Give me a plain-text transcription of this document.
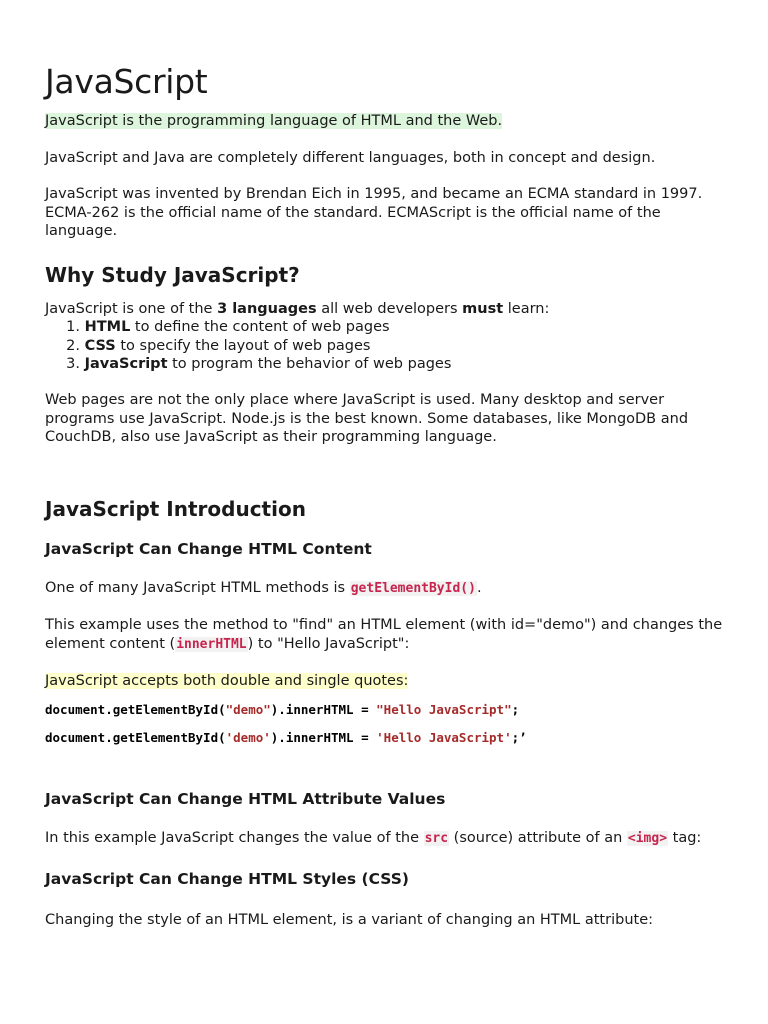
JavaScript

JavaScript is the programming language of HTML and the Web.

JavaScript and Java are completely different languages, both in concept and design.

JavaScript was invented by Brendan Eich in 1995, and became an ECMA standard in 1997. ECMA-262 is the official name of the standard. ECMAScript is the official name of the language.

Why Study JavaScript?

JavaScript is one of the 3 languages all web developers must learn:

1. HTML to define the content of web pages
2. CSS to specify the layout of web pages
3. JavaScript to program the behavior of web pages

Web pages are not the only place where JavaScript is used. Many desktop and server programs use JavaScript. Node.js is the best known. Some databases, like MongoDB and CouchDB, also use JavaScript as their programming language.

JavaScript Introduction
JavaScript Can Change HTML Content

One of many JavaScript HTML methods is getElementById().

This example uses the method to "find" an HTML element (with id="demo") and changes the element content (innerHTML) to "Hello JavaScript":

JavaScript accepts both double and single quotes:

document.getElementById("demo").innerHTML = "Hello JavaScript";
document.getElementById('demo').innerHTML = 'Hello JavaScript';’
JavaScript Can Change HTML Attribute Values

In this example JavaScript changes the value of the src (source) attribute of an <img> tag:

JavaScript Can Change HTML Styles (CSS)

Changing the style of an HTML element, is a variant of changing an HTML attribute:
